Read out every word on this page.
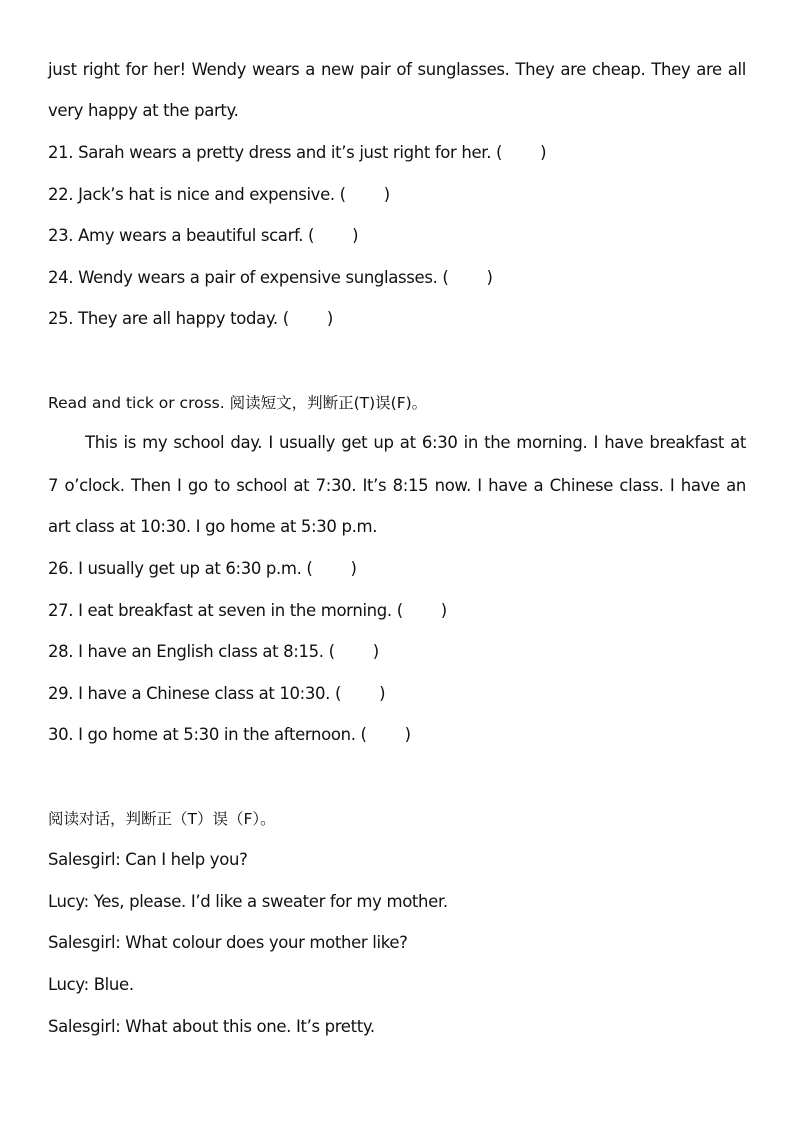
just right for her! Wendy wears a new pair of sunglasses. They are cheap. They are all
very happy at the party.
21. Sarah wears a pretty dress and it’s just right for her. ( )
22. Jack’s hat is nice and expensive. ( )
23. Amy wears a beautiful scarf. ( )
24. Wendy wears a pair of expensive sunglasses. ( )
25. They are all happy today. ( )
Read and tick or cross. 阅读短文，判断正(T)误(F)。
This is my school day. I usually get up at 6:30 in the morning. I have breakfast at
7 o’clock. Then I go to school at 7:30. It’s 8:15 now. I have a Chinese class. I have an
art class at 10:30. I go home at 5:30 p.m.
26. I usually get up at 6:30 p.m. ( )
27. I eat breakfast at seven in the morning. ( )
28. I have an English class at 8:15. ( )
29. I have a Chinese class at 10:30. ( )
30. I go home at 5:30 in the afternoon. ( )
阅读对话，判断正（T）误（F）。
Salesgirl: Can I help you?
Lucy: Yes, please. I’d like a sweater for my mother.
Salesgirl: What colour does your mother like?
Lucy: Blue.
Salesgirl: What about this one. It’s pretty.
